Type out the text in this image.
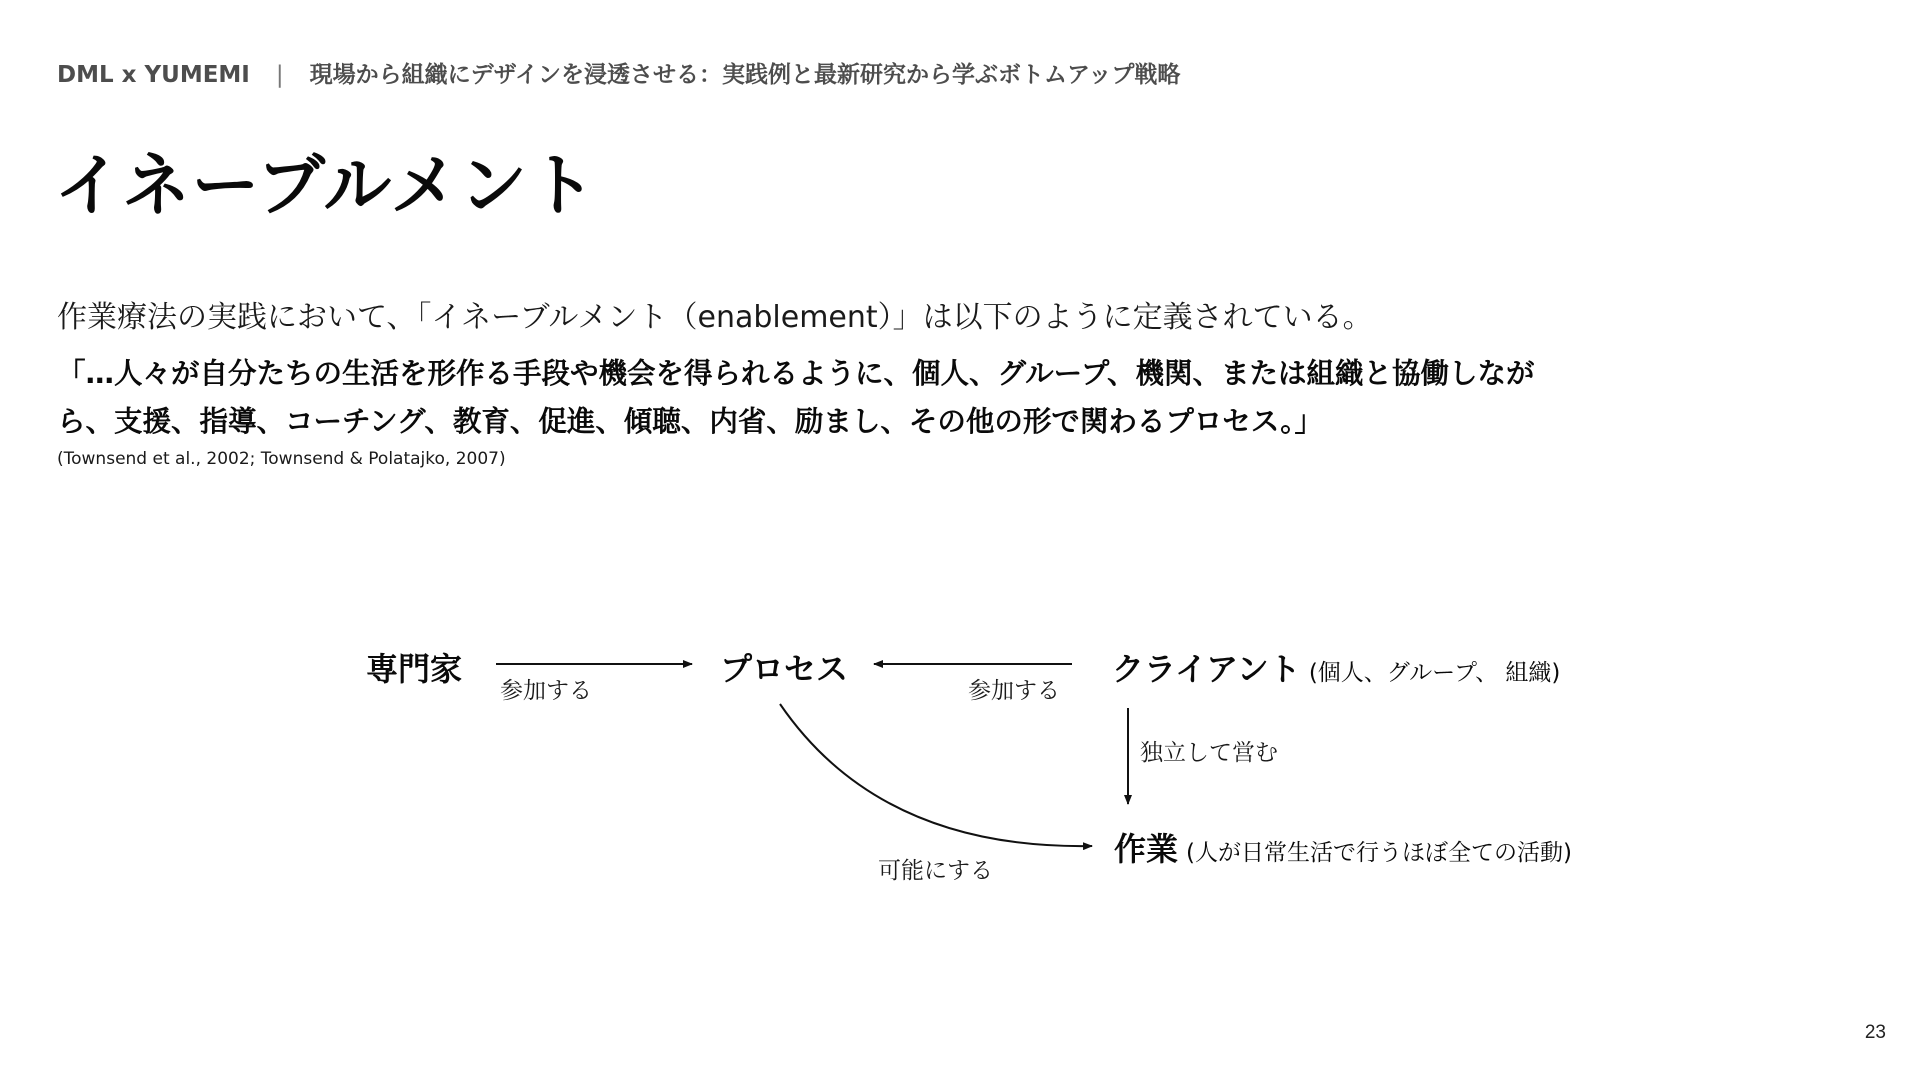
DML x YUMEMI | 現場から組織にデザインを浸透させる：実践例と最新研究から学ぶボトムアップ戦略
イネーブルメント
作業療法の実践において、「イネーブルメント（enablement）」は以下のように定義されている。
「…人々が自分たちの生活を形作る手段や機会を得られるように、個人、グループ、機関、または組織と協働しなが
ら、支援、指導、コーチング、教育、促進、傾聴、内省、励まし、その他の形で関わるプロセス。」
(Townsend et al., 2002; Townsend & Polatajko, 2007)
専門家	プロセス	クライアント (個人、グループ、 組織)
作業 (人が日常生活で行うほぼ全ての活動)
参加する	参加する
独立して営む
可能にする
23
